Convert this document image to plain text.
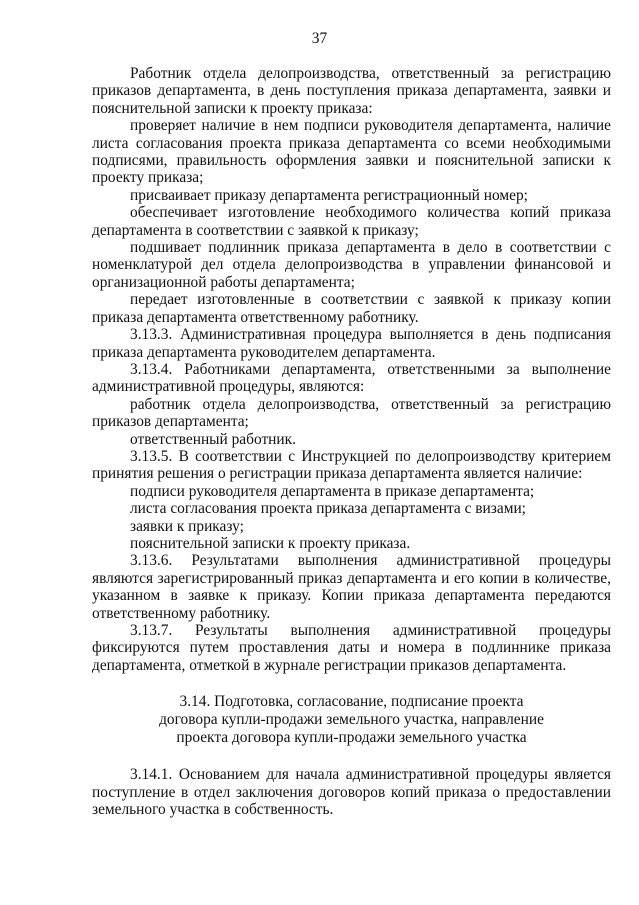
37

Работник отдела делопроизводства, ответственный за регистрацию приказов департамента, в день поступления приказа департамента, заявки и пояснительной записки к проекту приказа:

проверяет наличие в нем подписи руководителя департамента, наличие листа согласования проекта приказа департамента со всеми необходимыми подписями, правильность оформления заявки и пояснительной записки к проекту приказа;

присваивает приказу департамента регистрационный номер;

обеспечивает изготовление необходимого количества копий приказа департамента в соответствии с заявкой к приказу;

подшивает подлинник приказа департамента в дело в соответствии с номенклатурой дел отдела делопроизводства в управлении финансовой и организационной работы департамента;

передает изготовленные в соответствии с заявкой к приказу копии приказа департамента ответственному работнику.

3.13.3. Административная процедура выполняется в день подписания приказа департамента руководителем департамента.

3.13.4. Работниками департамента, ответственными за выполнение административной процедуры, являются:

работник отдела делопроизводства, ответственный за регистрацию приказов департамента;

ответственный работник.

3.13.5. В соответствии с Инструкцией по делопроизводству критерием принятия решения о регистрации приказа департамента является наличие:

подписи руководителя департамента в приказе департамента;

листа согласования проекта приказа департамента с визами;

заявки к приказу;

пояснительной записки к проекту приказа.

3.13.6. Результатами выполнения административной процедуры являются зарегистрированный приказ департамента и его копии в количестве, указанном в заявке к приказу. Копии приказа департамента передаются ответственному работнику.

3.13.7. Результаты выполнения административной процедуры фиксируются путем проставления даты и номера в подлиннике приказа департамента, отметкой в журнале регистрации приказов департамента.

3.14. Подготовка, согласование, подписание проекта
договора купли-продажи земельного участка, направление
проекта договора купли-продажи земельного участка

3.14.1. Основанием для начала административной процедуры является поступление в отдел заключения договоров копий приказа о предоставлении земельного участка в собственность.
